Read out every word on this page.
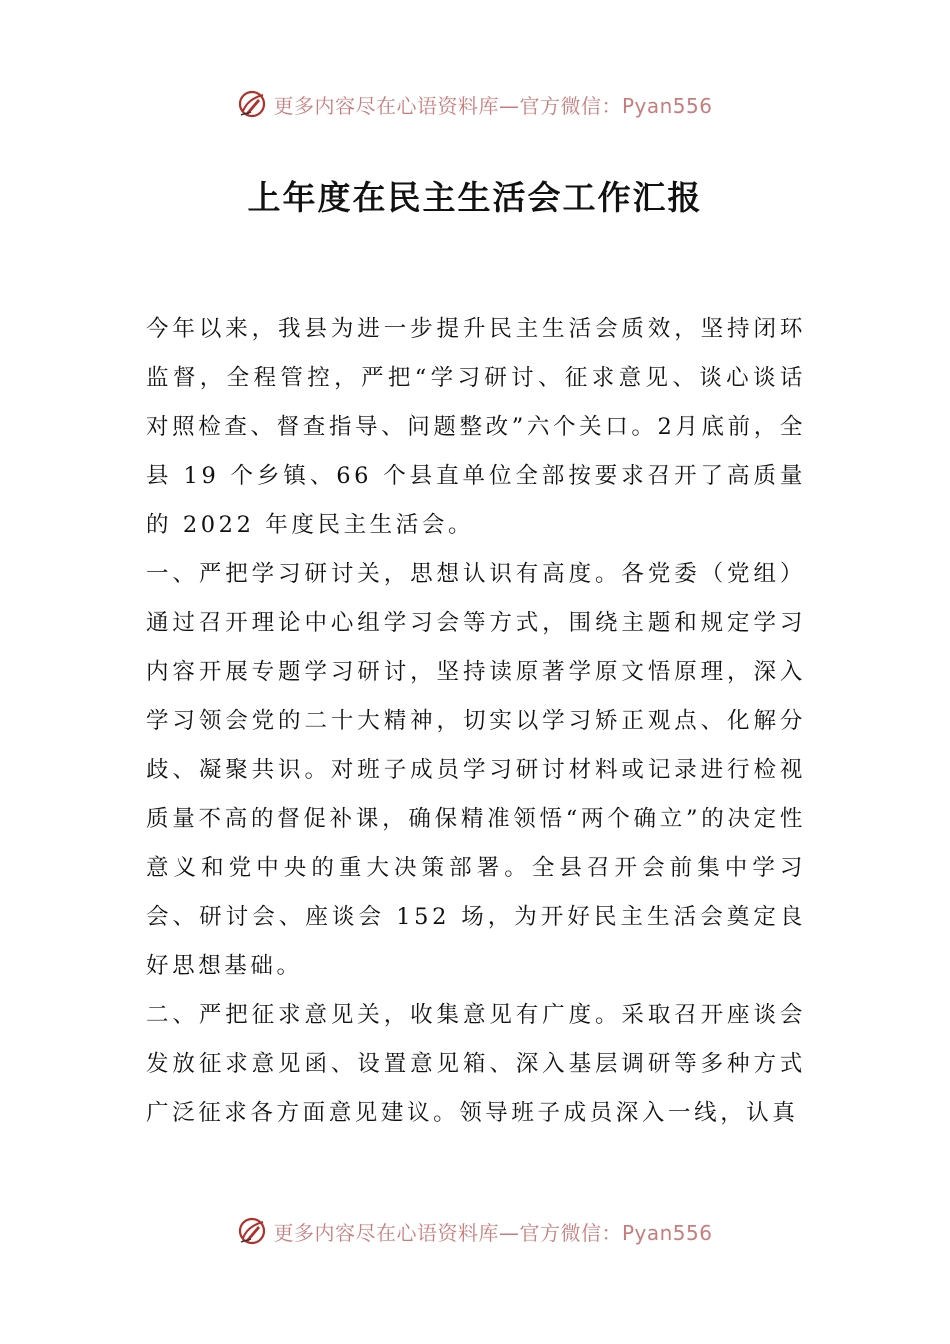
更多内容尽在心语资料库—官方微信：Pyan556
上年度在民主生活会工作汇报

今年以来，我县为进一步提升民主生活会质效，坚持闭环监督，全程管控，严把“学习研讨、征求意见、谈心谈话对照检查、督查指导、问题整改”六个关口。2月底前，全县 19 个乡镇、66 个县直单位全部按要求召开了高质量的 2022 年度民主生活会。

一、严把学习研讨关，思想认识有高度。各党委（党组）通过召开理论中心组学习会等方式，围绕主题和规定学习内容开展专题学习研讨，坚持读原著学原文悟原理，深入学习领会党的二十大精神，切实以学习矫正观点、化解分歧、凝聚共识。对班子成员学习研讨材料或记录进行检视质量不高的督促补课，确保精准领悟“两个确立”的决定性意义和党中央的重大决策部署。全县召开会前集中学习会、研讨会、座谈会 152 场，为开好民主生活会奠定良好思想基础。

二、严把征求意见关，收集意见有广度。采取召开座谈会发放征求意见函、设置意见箱、深入基层调研等多种方式广泛征求各方面意见建议。领导班子成员深入一线，认真

更多内容尽在心语资料库—官方微信：Pyan556
